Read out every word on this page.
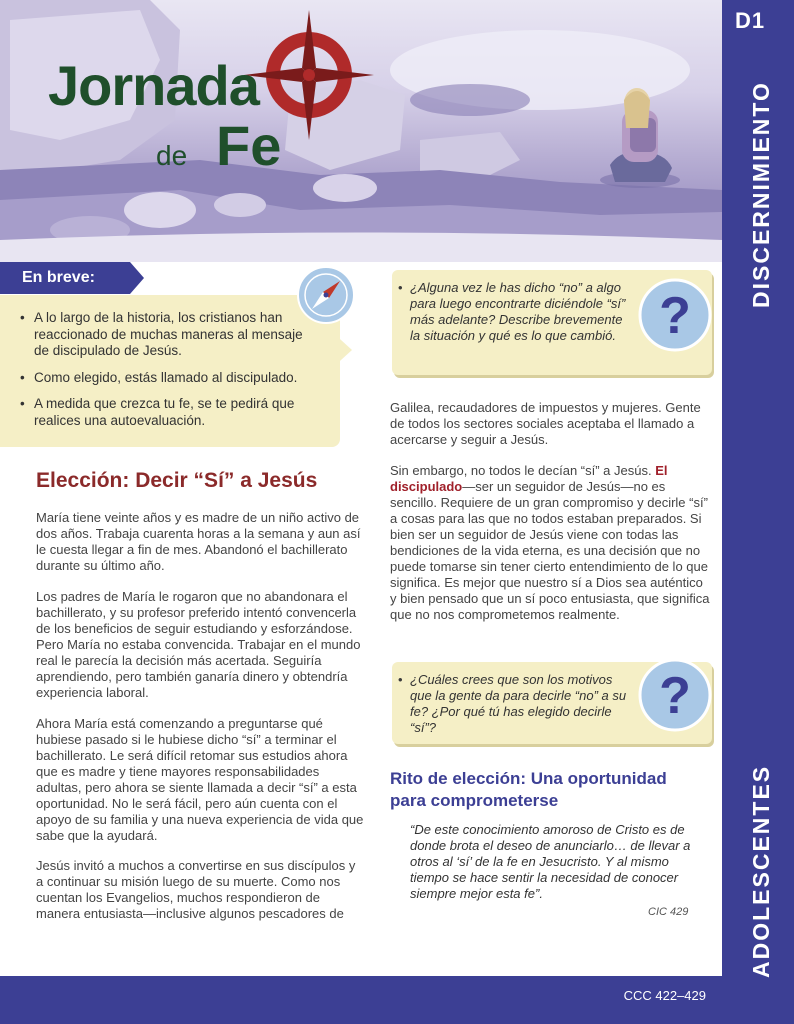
Jornada
de Fe
D1
DISCERNIMIENTO
ADOLESCENTES
CCC 422–429
En breve:
• A lo largo de la historia, los cristianos han reaccionado de muchas maneras al mensaje de discipulado de Jesús.
• Como elegido, estás llamado al discipulado.
• A medida que crezca tu fe, se te pedirá que realices una autoevaluación.
Elección: Decir “Sí” a Jesús

María tiene veinte años y es madre de un niño activo de dos años. Trabaja cuarenta horas a la semana y aun así le cuesta llegar a fin de mes. Abandonó el bachillerato durante su último año.

Los padres de María le rogaron que no abandonara el bachillerato, y su profesor preferido intentó convencerla de los beneficios de seguir estudiando y esforzándose. Pero María no estaba convencida. Trabajar en el mundo real le parecía la decisión más acertada. Seguiría aprendiendo, pero también ganaría dinero y obtendría experiencia laboral.

Ahora María está comenzando a preguntarse qué hubiese pasado si le hubiese dicho “sí” a terminar el bachillerato. Le será difícil retomar sus estudios ahora que es madre y tiene mayores responsabilidades adultas, pero ahora se siente llamada a decir “sí” a esta oportunidad. No le será fácil, pero aún cuenta con el apoyo de su familia y una nueva experiencia de vida que sabe que la ayudará.

Jesús invitó a muchos a convertirse en sus discípulos y a continuar su misión luego de su muerte. Como nos cuentan los Evangelios, muchos respondieron de manera entusiasta—inclusive algunos pescadores de

• ¿Alguna vez le has dicho “no” a algo para luego encontrarte diciéndole “sí” más adelante? Describe brevemente la situación y qué es lo que cambió. ?

Galilea, recaudadores de impuestos y mujeres. Gente de todos los sectores sociales aceptaba el llamado a acercarse y seguir a Jesús.

Sin embargo, no todos le decían “sí” a Jesús. El discipulado—ser un seguidor de Jesús—no es sencillo. Requiere de un gran compromiso y decirle “sí” a cosas para las que no todos estaban preparados. Si bien ser un seguidor de Jesús viene con todas las bendiciones de la vida eterna, es una decisión que no puede tomarse sin tener cierto entendimiento de lo que significa. Es mejor que nuestro sí a Dios sea auténtico y bien pensado que un sí poco entusiasta, que significa que no nos comprometemos realmente.

• ¿Cuáles crees que son los motivos que la gente da para decirle “no” a su fe? ¿Por qué tú has elegido decirle “sí”?
?
Rito de elección: Una oportunidad
para comprometerse

“De este conocimiento amoroso de Cristo es de donde brota el deseo de anunciarlo… de llevar a otros al ‘sí’ de la fe en Jesucristo. Y al mismo tiempo se hace sentir la necesidad de conocer siempre mejor esta fe”.

CIC 429
